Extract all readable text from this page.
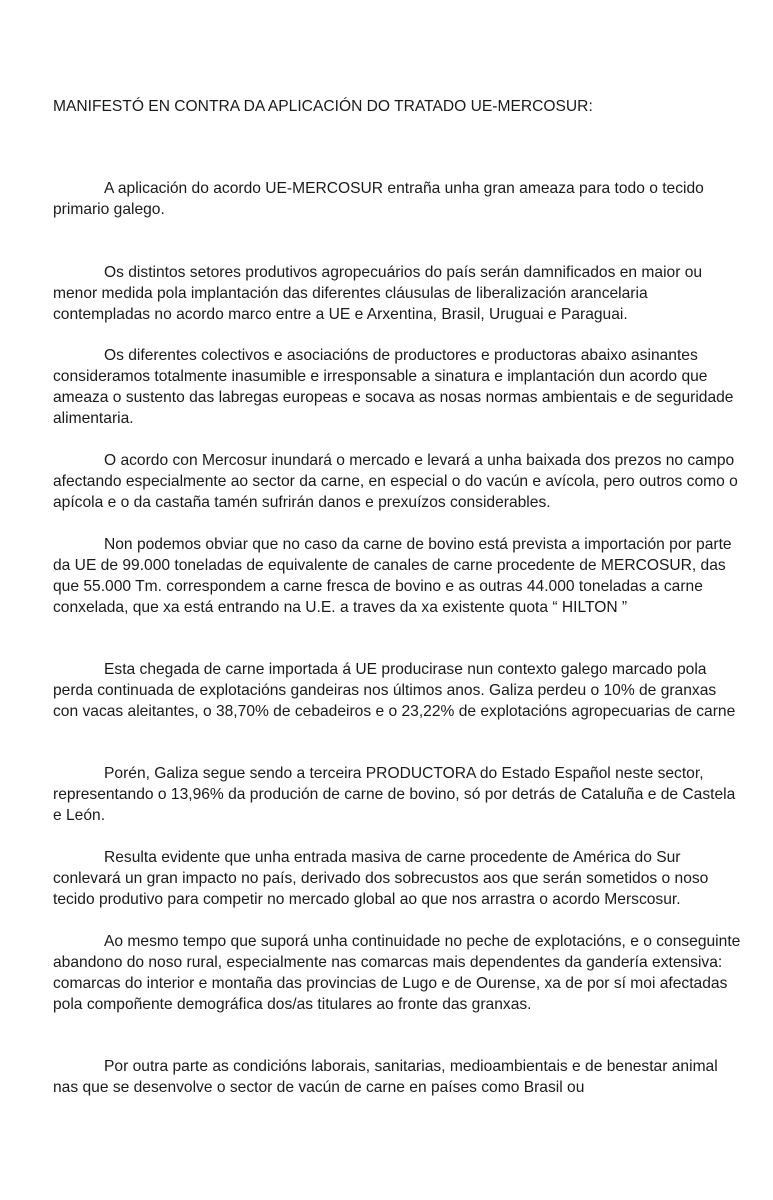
MANIFESTÓ EN CONTRA DA APLICACIÓN DO TRATADO UE-MERCOSUR:

A aplicación do acordo UE-MERCOSUR entraña unha gran ameaza para todo o tecido primario galego.

Os distintos setores produtivos agropecuários do país serán damnificados en maior ou menor medida pola implantación das diferentes cláusulas de liberalización arancelaria contempladas no acordo marco entre a UE e Arxentina, Brasil, Uruguai e Paraguai.

Os diferentes colectivos e asociacións de productores e productoras abaixo asinantes consideramos totalmente inasumible e irresponsable a sinatura e implantación dun acordo que ameaza o sustento das labregas europeas e socava as nosas normas ambientais e de seguridade alimentaria.

O acordo con Mercosur inundará o mercado e levará a unha baixada dos prezos no campo afectando especialmente ao sector da carne, en especial o do vacún e avícola, pero outros como o apícola e o da castaña tamén sufrirán danos e prexuízos considerables.

Non podemos obviar que no caso da carne de bovino está prevista a importación por parte da UE de 99.000 toneladas de equivalente de canales de carne procedente de MERCOSUR, das que 55.000 Tm. correspondem a carne fresca de bovino e as outras 44.000 toneladas a carne conxelada, que xa está entrando na U.E. a traves da xa existente quota “ HILTON ”

Esta chegada de carne importada á UE producirase nun contexto galego marcado pola perda continuada de explotacións gandeiras nos últimos anos. Galiza perdeu o 10% de granxas con vacas aleitantes, o 38,70% de cebadeiros e o 23,22% de explotacións agropecuarias de carne

Porén, Galiza segue sendo a terceira PRODUCTORA do Estado Español neste sector, representando o 13,96% da produción de carne de bovino, só por detrás de Cataluña e de Castela e León.

Resulta evidente que unha entrada masiva de carne procedente de América do Sur conlevará un gran impacto no país, derivado dos sobrecustos aos que serán sometidos o noso tecido produtivo para competir no mercado global ao que nos arrastra o acordo Merscosur.

Ao mesmo tempo que suporá unha continuidade no peche de explotacións, e o conseguinte abandono do noso rural, especialmente nas comarcas mais dependentes da gandería extensiva: comarcas do interior e montaña das provincias de Lugo e de Ourense, xa de por sí moi afectadas pola compoñente demográfica dos/as titulares ao fronte das granxas.

Por outra parte as condicións laborais, sanitarias, medioambientais e de benestar animal nas que se desenvolve o sector de vacún de carne en países como Brasil ou
